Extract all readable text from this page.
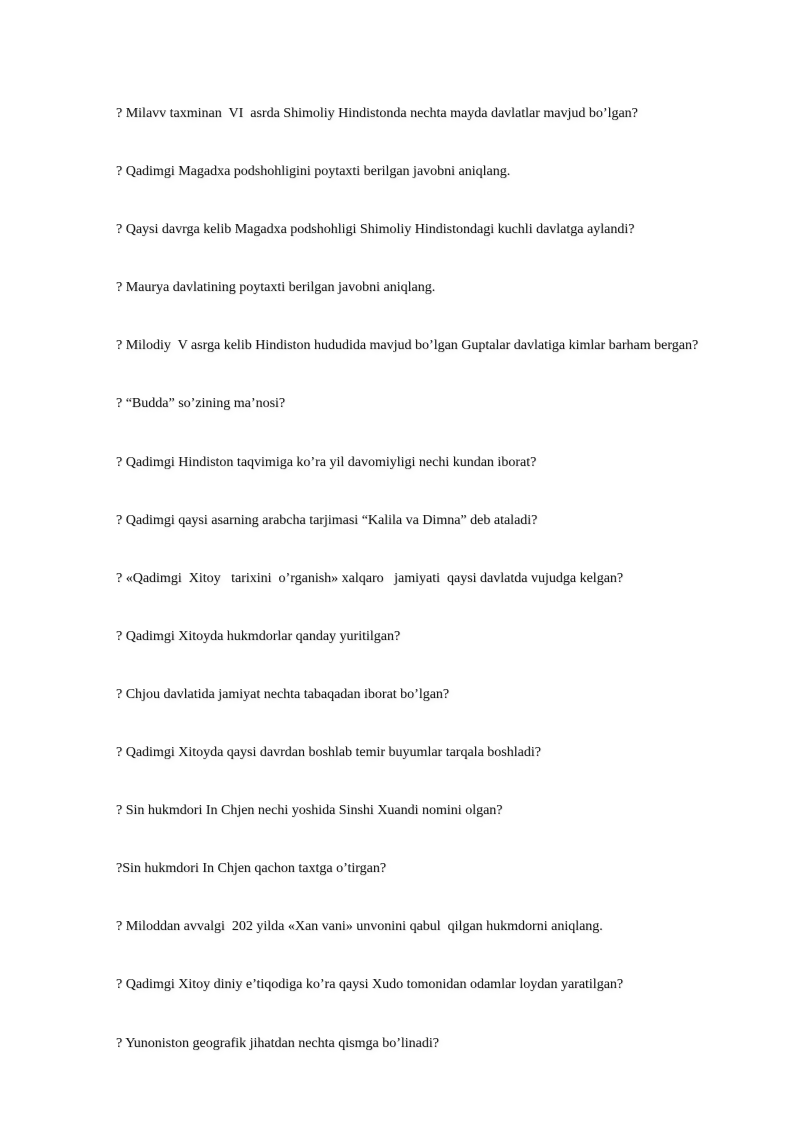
? Milavv taxminan  VI  asrda Shimoliy Hindistonda nechta mayda davlatlar mavjud bo’lgan?
? Qadimgi Magadxa podshohligini poytaxti berilgan javobni aniqlang.
? Qaysi davrga kelib Magadxa podshohligi Shimoliy Hindistondagi kuchli davlatga aylandi?
? Maurya davlatining poytaxti berilgan javobni aniqlang.
? Milodiy  V asrga kelib Hindiston hududida mavjud bo’lgan Guptalar davlatiga kimlar barham bergan?
? “Budda” so’zining ma’nosi?
? Qadimgi Hindiston taqvimiga ko’ra yil davomiyligi nechi kundan iborat?
? Qadimgi qaysi asarning arabcha tarjimasi “Kalila va Dimna” deb ataladi?
? «Qadimgi  Xitoy   tarixini  o’rganish» xalqaro   jamiyati  qaysi davlatda vujudga kelgan?
? Qadimgi Xitoyda hukmdorlar qanday yuritilgan?
? Chjou davlatida jamiyat nechta tabaqadan iborat bo’lgan?
? Qadimgi Xitoyda qaysi davrdan boshlab temir buyumlar tarqala boshladi?
? Sin hukmdori In Chjen nechi yoshida Sinshi Xuandi nomini olgan?
?Sin hukmdori In Chjen qachon taxtga o’tirgan?
? Miloddan avvalgi  202 yilda «Xan vani» unvonini qabul  qilgan hukmdorni aniqlang.
? Qadimgi Xitoy diniy e’tiqodiga ko’ra qaysi Xudo tomonidan odamlar loydan yaratilgan?
? Yunoniston geografik jihatdan nechta qismga bo’linadi?
